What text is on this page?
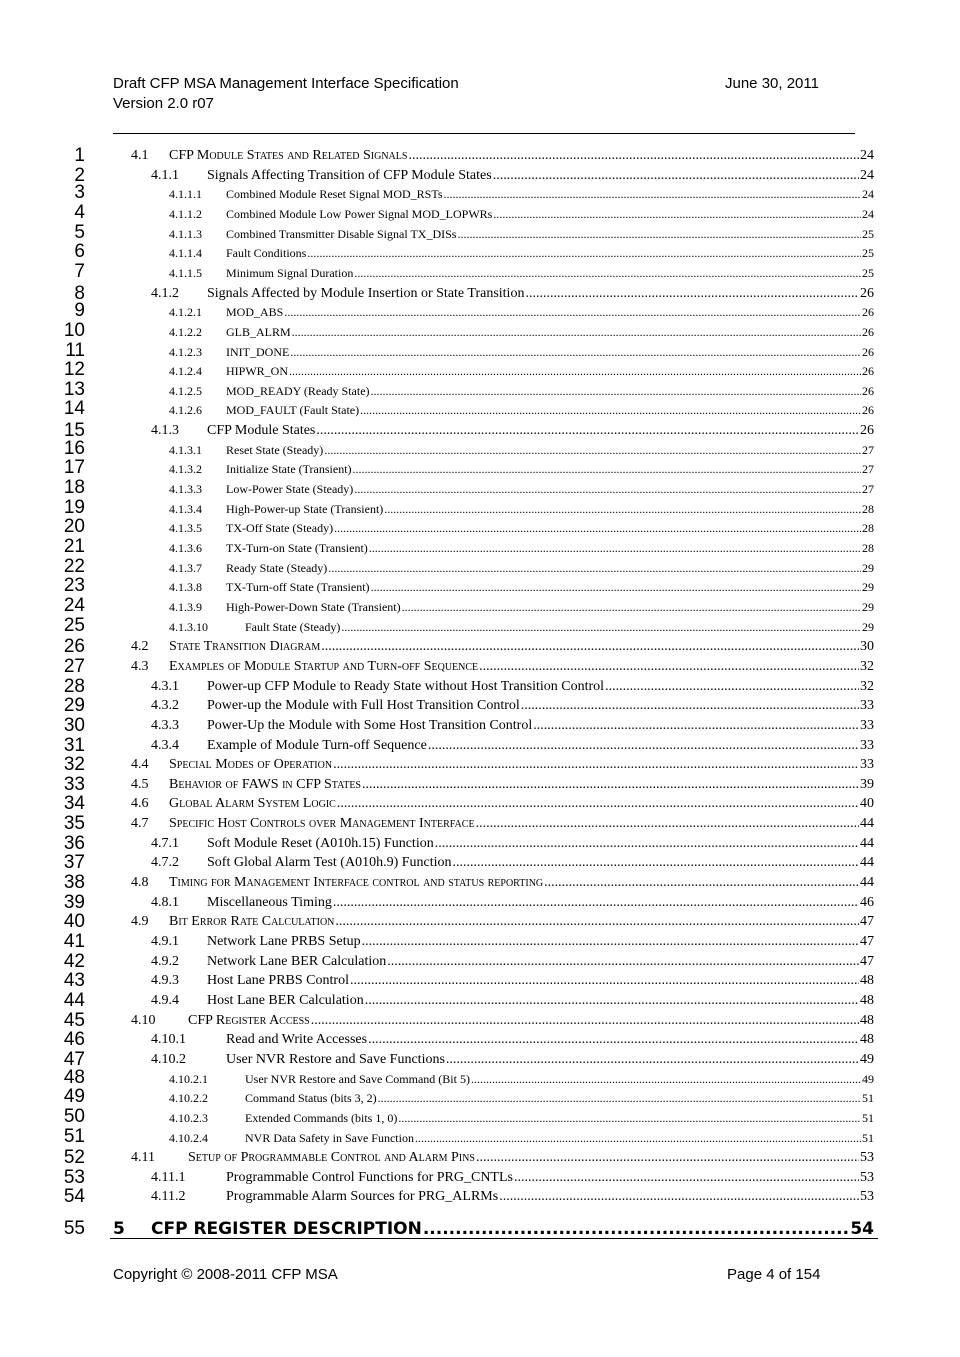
Draft CFP MSA Management Interface Specification
Version 2.0 r07
June 30, 2011
1	4.1 CFP Module States and Related Signals .....	24
2	4.1.1 Signals Affecting Transition of CFP Module States .....	24
3	4.1.1.1 Combined Module Reset Signal MOD_RSTs .....	24
4	4.1.1.2 Combined Module Low Power Signal MOD_LOPWRs .....	24
5	4.1.1.3 Combined Transmitter Disable Signal TX_DISs .....	25
6	4.1.1.4 Fault Conditions .....	25
7	4.1.1.5 Minimum Signal Duration .....	25
8	4.1.2 Signals Affected by Module Insertion or State Transition .....	26
9	4.1.2.1 MOD_ABS .....	26
10	4.1.2.2 GLB_ALRM .....	26
11	4.1.2.3 INIT_DONE .....	26
12	4.1.2.4 HIPWR_ON .....	26
13	4.1.2.5 MOD_READY (Ready State) .....	26
14	4.1.2.6 MOD_FAULT (Fault State) .....	26
15	4.1.3 CFP Module States .....	26
16	4.1.3.1 Reset State (Steady) .....	27
17	4.1.3.2 Initialize State (Transient) .....	27
18	4.1.3.3 Low-Power State (Steady) .....	27
19	4.1.3.4 High-Power-up State (Transient) .....	28
20	4.1.3.5 TX-Off State (Steady) .....	28
21	4.1.3.6 TX-Turn-on State (Transient) .....	28
22	4.1.3.7 Ready State (Steady) .....	29
23	4.1.3.8 TX-Turn-off State (Transient) .....	29
24	4.1.3.9 High-Power-Down State (Transient) .....	29
25	4.1.3.10	Fault State (Steady) .....	29
26	4.2 State Transition Diagram .....	30
27	4.3 Examples of Module Startup and Turn-off Sequence .....	32
28	4.3.1 Power-up CFP Module to Ready State without Host Transition Control .....	32
29	4.3.2 Power-up the Module with Full Host Transition Control .....	33
30	4.3.3 Power-Up the Module with Some Host Transition Control .....	33
31	4.3.4 Example of Module Turn-off Sequence .....	33
32	4.4 Special Modes of Operation .....	33
33	4.5 Behavior of FAWS in CFP States .....	39
34	4.6 Global Alarm System Logic .....	40
35	4.7 Specific Host Controls over Management Interface .....	44
36	4.7.1 Soft Module Reset (A010h.15) Function .....	44
37	4.7.2 Soft Global Alarm Test (A010h.9) Function .....	44
38	4.8 Timing for Management Interface control and status reporting .....	44
39	4.8.1 Miscellaneous Timing .....	46
40	4.9 Bit Error Rate Calculation .....	47
41	4.9.1 Network Lane PRBS Setup .....	47
42	4.9.2 Network Lane BER Calculation .....	47
43	4.9.3 Host Lane PRBS Control .....	48
44	4.9.4 Host Lane BER Calculation .....	48
45	4.10 CFP Register Access .....	48
46	4.10.1	Read and Write Accesses .....	48
47	4.10.2	User NVR Restore and Save Functions .....	49
48	4.10.2.1	User NVR Restore and Save Command (Bit 5) .....	49
49	4.10.2.2	Command Status (bits 3, 2) .....	51
50	4.10.2.3	Extended Commands (bits 1, 0) .....	51
51	4.10.2.4	NVR Data Safety in Save Function .....	51
52	4.11 Setup of Programmable Control and Alarm Pins .....	53
53	4.11.1	Programmable Control Functions for PRG_CNTLs .....	53
54	4.11.2	Programmable Alarm Sources for PRG_ALRMs .....	53
55 5 CFP REGISTER DESCRIPTION .....	54
Copyright © 2008-2011 CFP MSA	Page 4 of 154
